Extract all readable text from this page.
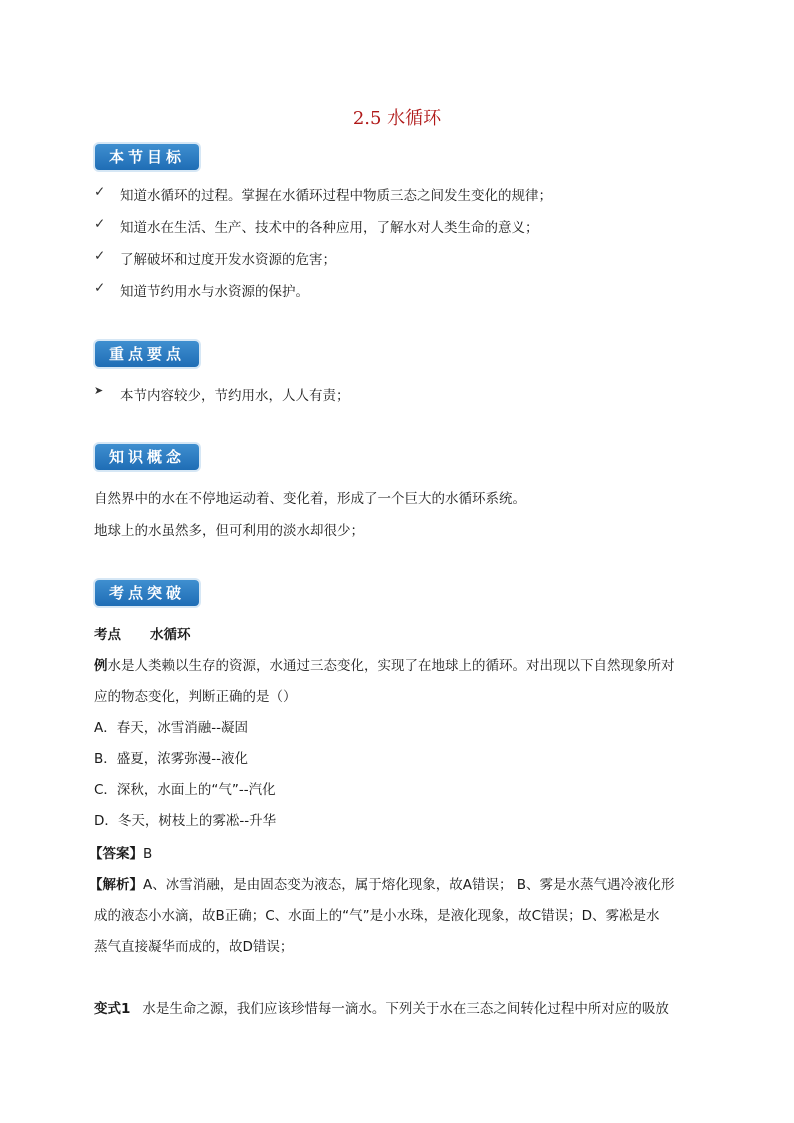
2.5 水循环
本节目标
✓ 知道水循环的过程。掌握在水循环过程中物质三态之间发生变化的规律；
✓ 知道水在生活、生产、技术中的各种应用，了解水对人类生命的意义；
✓ 了解破坏和过度开发水资源的危害；
✓ 知道节约用水与水资源的保护。
重点要点
➤	本节内容较少，节约用水，人人有责；
知识概念
自然界中的水在不停地运动着、变化着，形成了一个巨大的水循环系统。
地球上的水虽然多，但可利用的淡水却很少；
考点突破
考点 水循环
例水是人类赖以生存的资源，水通过三态变化，实现了在地球上的循环。对出现以下自然现象所对
应的物态变化，判断正确的是（）
A．春天，冰雪消融--凝固
B．盛夏，浓雾弥漫--液化
C．深秋，水面上的“气”--汽化
D．冬天，树枝上的雾凇--升华
【答案】B
【解析】A、冰雪消融，是由固态变为液态，属于熔化现象，故A错误； B、雾是水蒸气遇冷液化形
成的液态小水滴，故B正确；C、水面上的“气”是小水珠，是液化现象，故C错误；D、雾凇是水
蒸气直接凝华而成的，故D错误；
变式1 水是生命之源，我们应该珍惜每一滴水。下列关于水在三态之间转化过程中所对应的吸放
